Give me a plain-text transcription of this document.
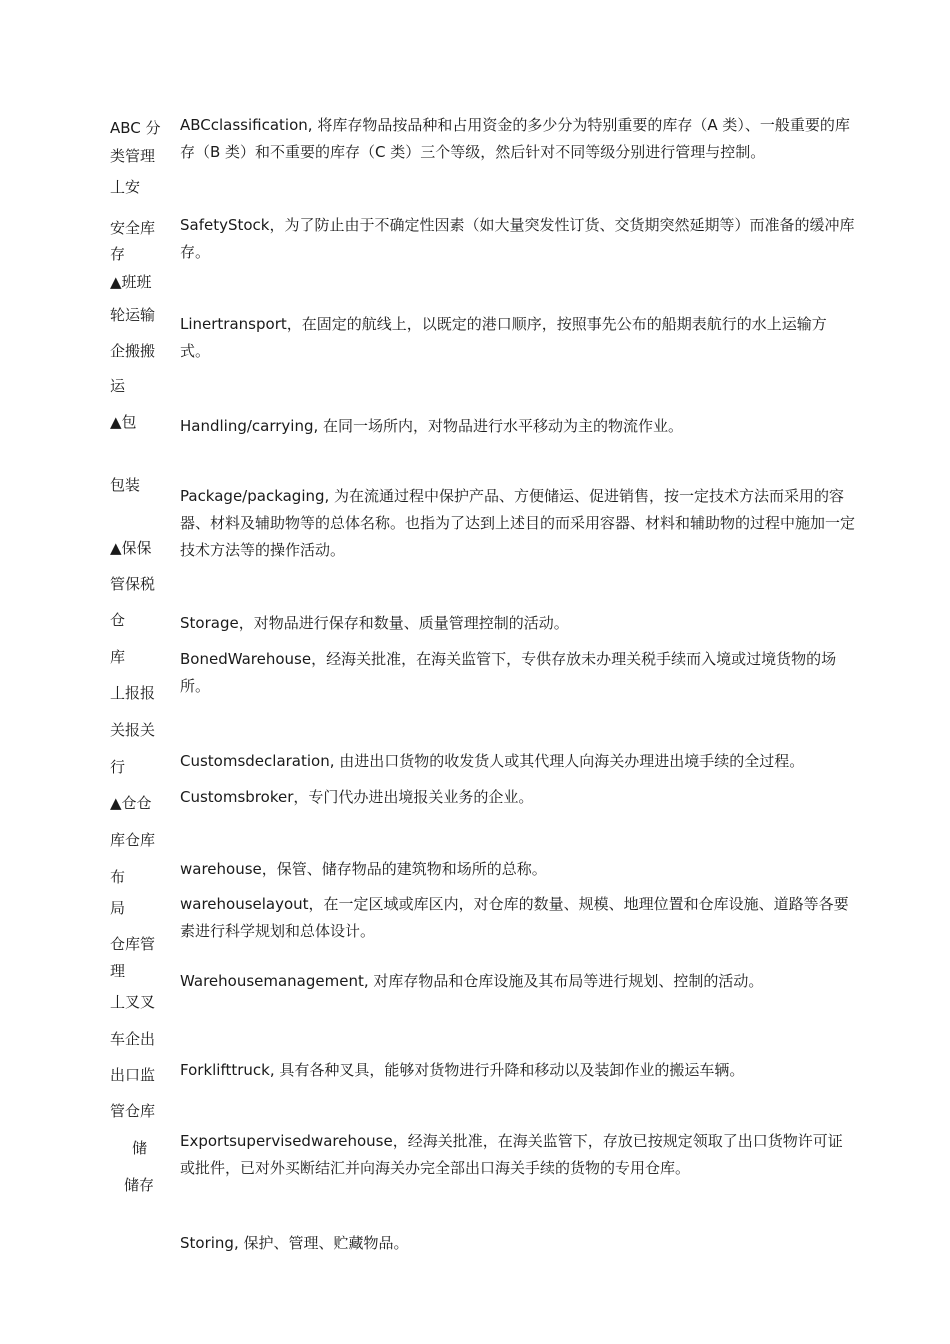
ABC 分
类管理
丄安
安全库
存
▲班班
轮运输
企搬搬
运
▲包
包装
▲保保
管保税
仓
库
丄报报
关报关
行
▲仓仓
库仓库
布
局
仓库管
理
丄叉叉
车企出
出口监
管仓库
储
储存
ABCclassification, 将库存物品按品种和占用资金的多少分为特别重要的库存（A 类）、一般重要的库存（B 类）和不重要的库存（C 类）三个等级，然后针对不同等级分别进行管理与控制。
SafetyStock，为了防止由于不确定性因素（如大量突发性订货、交货期突然延期等）而准备的缓冲库存。
Linertransport，在固定的航线上，以既定的港口顺序，按照事先公布的船期表航行的水上运输方式。
Handling/carrying, 在同一场所内，对物品进行水平移动为主的物流作业。
Package/packaging, 为在流通过程中保护产品、方便储运、促进销售，按一定技术方法而采用的容器、材料及辅助物等的总体名称。也指为了达到上述目的而采用容器、材料和辅助物的过程中施加一定技术方法等的操作活动。
Storage，对物品进行保存和数量、质量管理控制的活动。
BonedWarehouse，经海关批准，在海关监管下，专供存放未办理关税手续而入境或过境货物的场所。
Customsdeclaration, 由进出口货物的收发货人或其代理人向海关办理进出境手续的全过程。
Customsbroker，专门代办进出境报关业务的企业。
warehouse，保管、储存物品的建筑物和场所的总称。
warehouselayout，在一定区域或库区内，对仓库的数量、规模、地理位置和仓库设施、道路等各要素进行科学规划和总体设计。
Warehousemanagement, 对库存物品和仓库设施及其布局等进行规划、控制的活动。
Forklifttruck, 具有各种叉具，能够对货物进行升降和移动以及装卸作业的搬运车辆。
Exportsupervisedwarehouse，经海关批准，在海关监管下，存放已按规定领取了出口货物许可证或批件，已对外买断结汇并向海关办完全部出口海关手续的货物的专用仓库。
Storing, 保护、管理、贮藏物品。
